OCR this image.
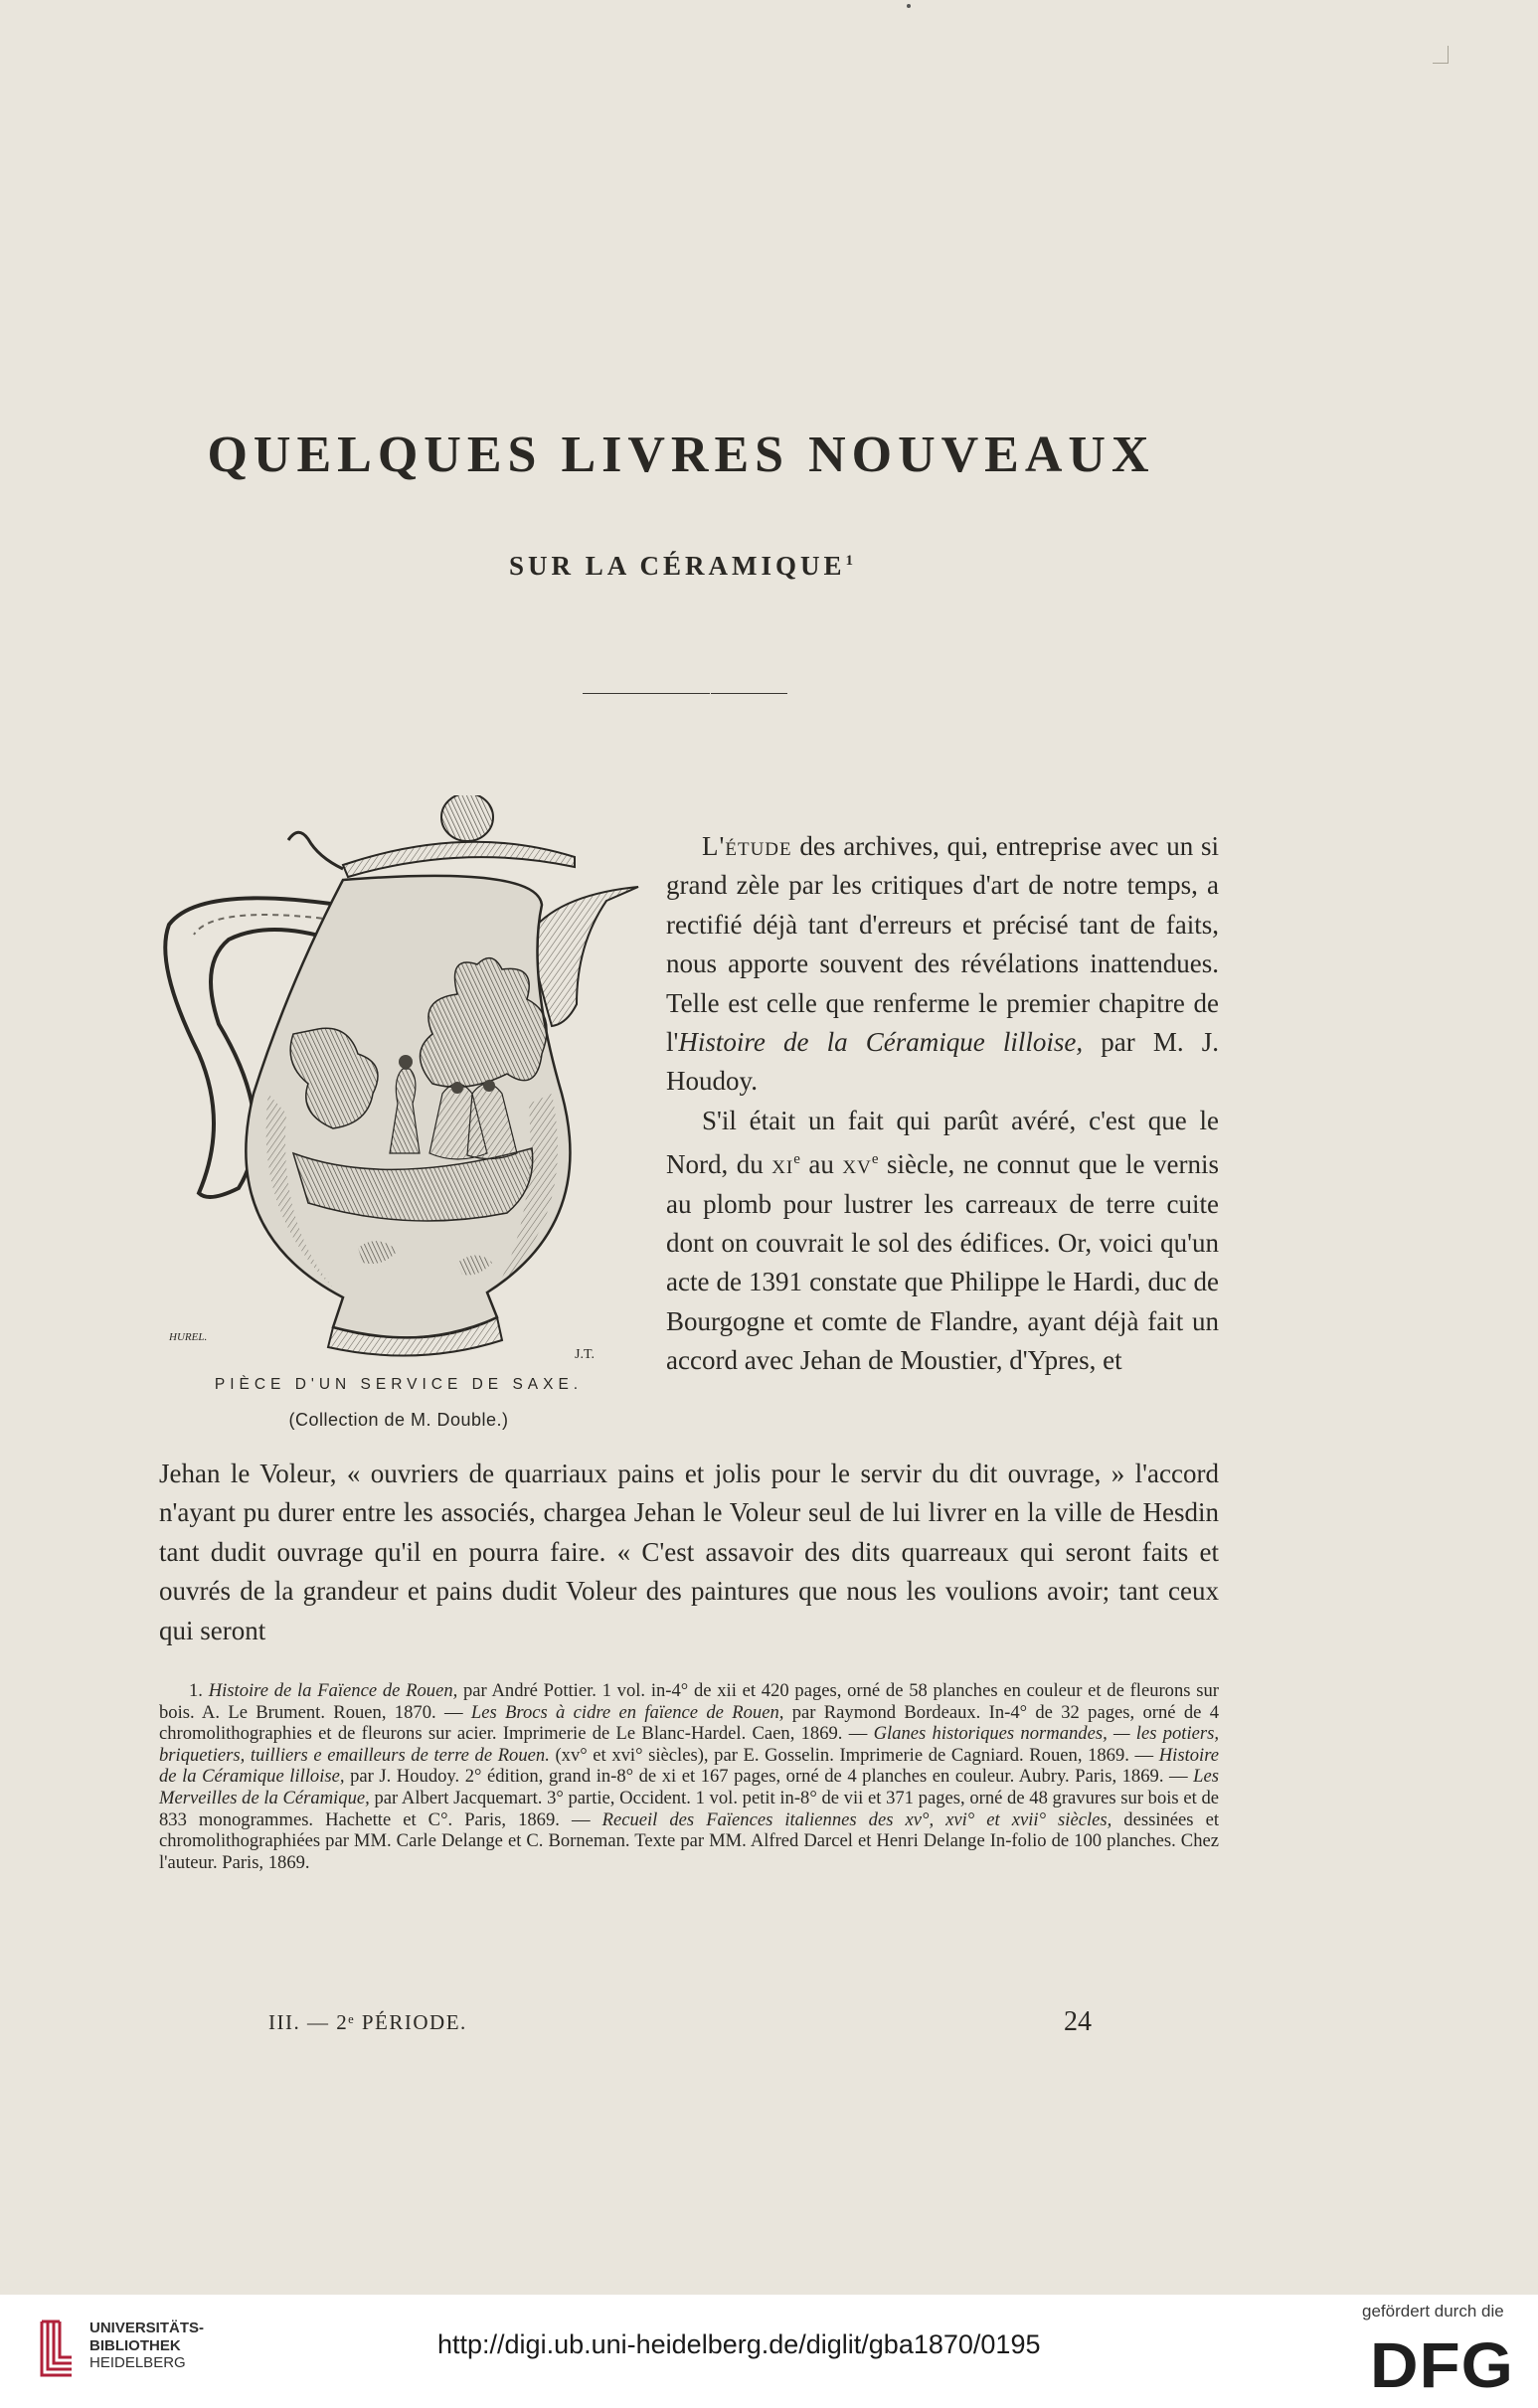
QUELQUES LIVRES NOUVEAUX
SUR LA CÉRAMIQUE$^1$
HUREL.
J.T.
PIÈCE D'UN SERVICE DE SAXE.
(Collection de M. Double.)

L'étude des archives, qui, entreprise avec un si grand zèle par les critiques d'art de notre temps, a rectifié déjà tant d'erreurs et précisé tant de faits, nous apporte souvent des révélations inattendues. Telle est celle que renferme le premier chapitre de l'Histoire de la Céramique lilloise, par M. J. Houdoy.

S'il était un fait qui parût avéré, c'est que le Nord, du $xi^e$ au $xv^e$ siècle, ne connut que le vernis au plomb pour lustrer les carreaux de terre cuite dont on couvrait le sol des édifices. Or, voici qu'un acte de 1391 constate que Philippe le Hardi, duc de Bourgogne et comte de Flandre, ayant déjà fait un accord avec Jehan de Moustier, d'Ypres, et

Jehan le Voleur, « ouvriers de quarriaux pains et jolis pour le servir du dit ouvrage, » l'accord n'ayant pu durer entre les associés, chargea Jehan le Voleur seul de lui livrer en la ville de Hesdin tant dudit ouvrage qu'il en pourra faire. « C'est assavoir des dits quarreaux qui seront faits et ouvrés de la grandeur et pains dudit Voleur des paintures que nous les voulions avoir; tant ceux qui seront

1. Histoire de la Faïence de Rouen, par André Pottier. 1 vol. in-4° de xii et 420 pages, orné de 58 planches en couleur et de fleurons sur bois. A. Le Brument. Rouen, 1870. — Les Brocs à cidre en faïence de Rouen, par Raymond Bordeaux. In-4° de 32 pages, orné de 4 chromolithographies et de fleurons sur acier. Imprimerie de Le Blanc-Hardel. Caen, 1869. — Glanes historiques normandes, — les potiers, briquetiers, tuilliers e emailleurs de terre de Rouen. (xv° et xvi° siècles), par E. Gosselin. Imprimerie de Cagniard. Rouen, 1869. — Histoire de la Céramique lilloise, par J. Houdoy. 2° édition, grand in-8° de xi et 167 pages, orné de 4 planches en couleur. Aubry. Paris, 1869. — Les Merveilles de la Céramique, par Albert Jacquemart. 3° partie, Occident. 1 vol. petit in-8° de vii et 371 pages, orné de 48 gravures sur bois et de 833 monogrammes. Hachette et C°. Paris, 1869. — Recueil des Faïences italiennes des xv°, xvi° et xvii° siècles, dessinées et chromolithographiées par MM. Carle Delange et C. Borneman. Texte par MM. Alfred Darcel et Henri Delange In-folio de 100 planches. Chez l'auteur. Paris, 1869.
III. — 2ᵉ PÉRIODE.	24
UNIVERSITÄTS-
BIBLIOTHEK
HEIDELBERG
http://digi.ub.uni-heidelberg.de/diglit/gba1870/0195
gefördert durch die
DFG
